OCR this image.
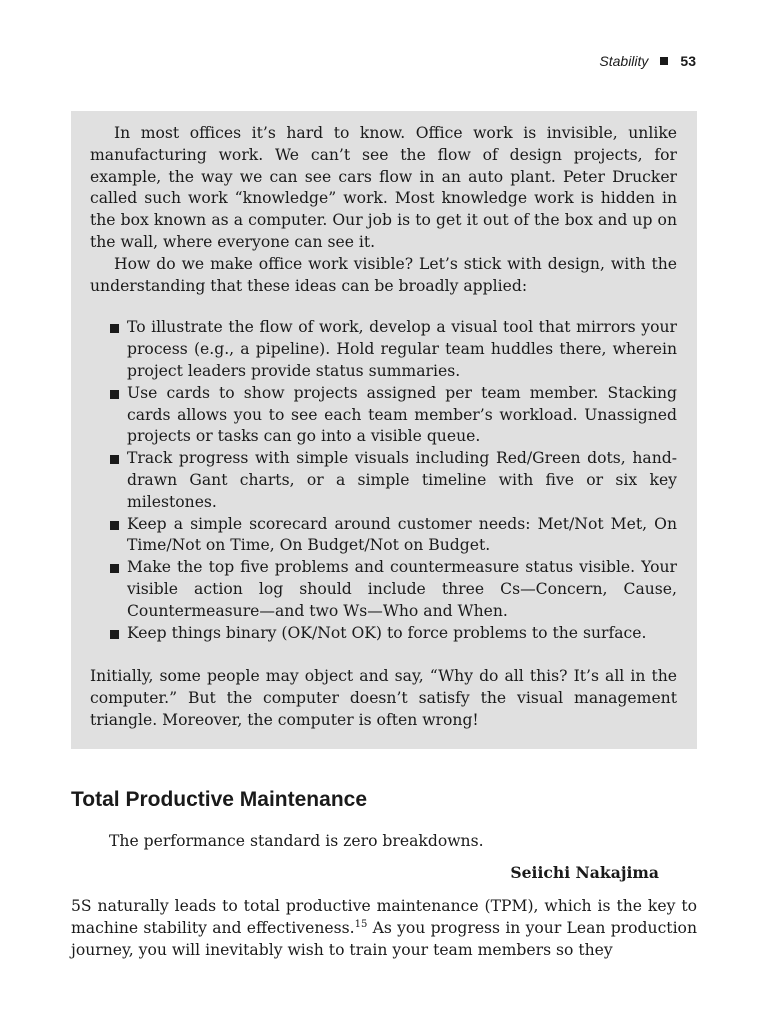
Stability 53

In most offices it’s hard to know. Office work is invisible, unlike manufacturing work. We can’t see the flow of design projects, for example, the way we can see cars flow in an auto plant. Peter Drucker called such work “knowledge” work. Most knowledge work is hidden in the box known as a computer. Our job is to get it out of the box and up on the wall, where everyone can see it.

How do we make office work visible? Let’s stick with design, with the understanding that these ideas can be broadly applied:

To illustrate the flow of work, develop a visual tool that mirrors your process (e.g., a pipeline). Hold regular team huddles there, wherein project leaders provide status summaries.
Use cards to show projects assigned per team member. Stacking cards allows you to see each team member’s workload. Unassigned projects or tasks can go into a visible queue.
Track progress with simple visuals including Red/Green dots, hand-drawn Gant charts, or a simple timeline with five or six key milestones.
Keep a simple scorecard around customer needs: Met/Not Met, On Time/Not on Time, On Budget/Not on Budget.
Make the top five problems and countermeasure status visible. Your visible action log should include three Cs—Concern, Cause, Countermeasure—and two Ws—Who and When.
Keep things binary (OK/Not OK) to force problems to the surface.

Initially, some people may object and say, “Why do all this? It’s all in the computer.” But the computer doesn’t satisfy the visual management triangle. Moreover, the computer is often wrong!

Total Productive Maintenance

The performance standard is zero breakdowns.

Seiichi Nakajima

5S naturally leads to total productive maintenance (TPM), which is the key to machine stability and effectiveness.$^{15}$ As you progress in your Lean production journey, you will inevitably wish to train your team members so they
